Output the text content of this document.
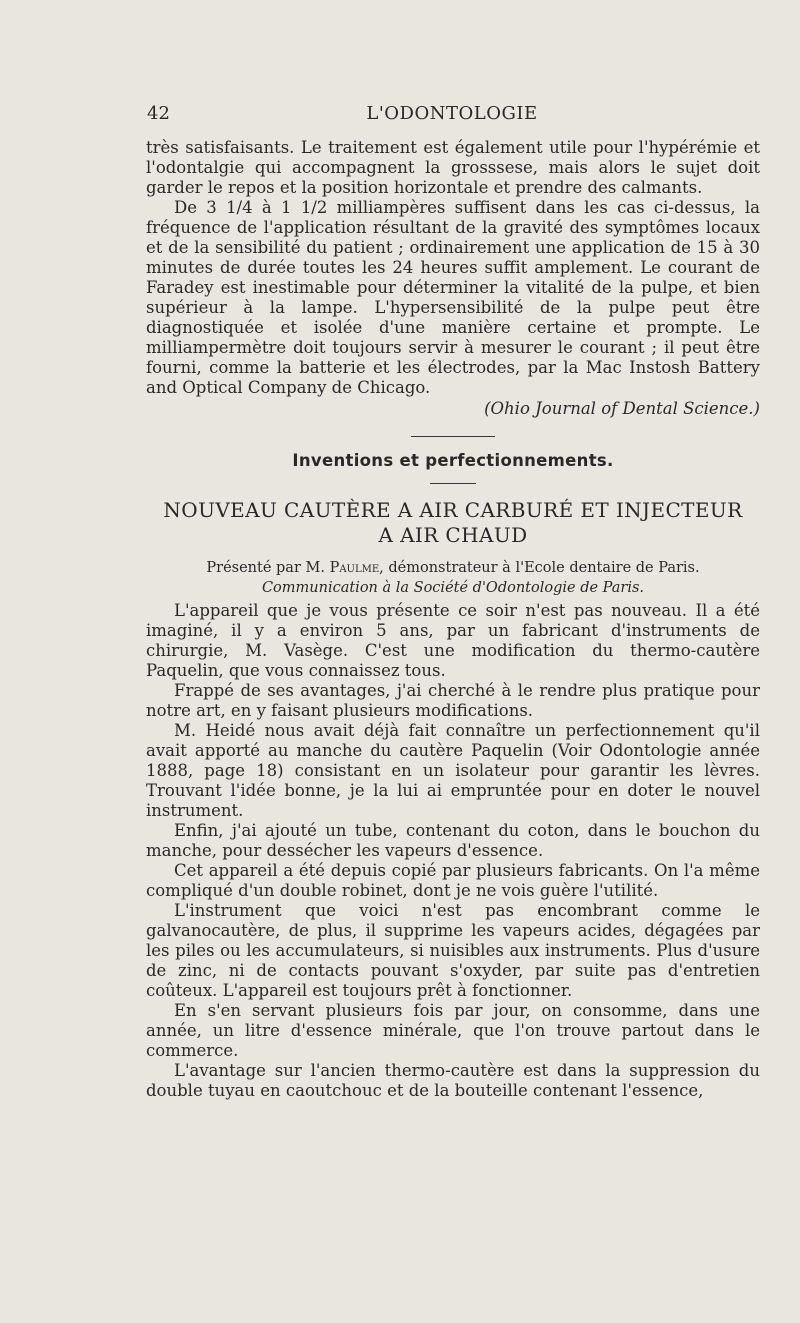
42	L'ODONTOLOGIE

très satisfaisants. Le traitement est également utile pour l'hypérémie et l'odontalgie qui accompagnent la grosssese, mais alors le sujet doit garder le repos et la position horizontale et prendre des calmants.

De 3 1/4 à 1 1/2 milliampères suffisent dans les cas ci-dessus, la fréquence de l'application résultant de la gravité des symptômes locaux et de la sensibilité du patient ; ordinairement une application de 15 à 30 minutes de durée toutes les 24 heures suffit amplement. Le courant de Faradey est inestimable pour déterminer la vitalité de la pulpe, et bien supérieur à la lampe. L'hypersensibilité de la pulpe peut être diagnostiquée et isolée d'une manière certaine et prompte. Le milliampermètre doit toujours servir à mesurer le courant ; il peut être fourni, comme la batterie et les électrodes, par la Mac Instosh Battery and Optical Company de Chicago.

(Ohio Journal of Dental Science.)

Inventions et perfectionnements.

NOUVEAU CAUTÈRE A AIR CARBURÉ ET INJECTEUR
A AIR CHAUD

Présenté par M. Paulme, démonstrateur à l'Ecole dentaire de Paris.

Communication à la Société d'Odontologie de Paris.

L'appareil que je vous présente ce soir n'est pas nouveau. Il a été imaginé, il y a environ 5 ans, par un fabricant d'instruments de chirurgie, M. Vasège. C'est une modification du thermo-cautère Paquelin, que vous connaissez tous.

Frappé de ses avantages, j'ai cherché à le rendre plus pratique pour notre art, en y faisant plusieurs modifications.

M. Heidé nous avait déjà fait connaître un perfectionnement qu'il avait apporté au manche du cautère Paquelin (Voir Odontologie année 1888, page 18) consistant en un isolateur pour garantir les lèvres. Trouvant l'idée bonne, je la lui ai empruntée pour en doter le nouvel instrument.

Enfin, j'ai ajouté un tube, contenant du coton, dans le bouchon du manche, pour dessécher les vapeurs d'essence.

Cet appareil a été depuis copié par plusieurs fabricants. On l'a même compliqué d'un double robinet, dont je ne vois guère l'utilité.

L'instrument que voici n'est pas encombrant comme le galvanocautère, de plus, il supprime les vapeurs acides, dégagées par les piles ou les accumulateurs, si nuisibles aux instruments. Plus d'usure de zinc, ni de contacts pouvant s'oxyder, par suite pas d'entretien coûteux. L'appareil est toujours prêt à fonctionner.

En s'en servant plusieurs fois par jour, on consomme, dans une année, un litre d'essence minérale, que l'on trouve partout dans le commerce.

L'avantage sur l'ancien thermo-cautère est dans la suppression du double tuyau en caoutchouc et de la bouteille contenant l'essence,
